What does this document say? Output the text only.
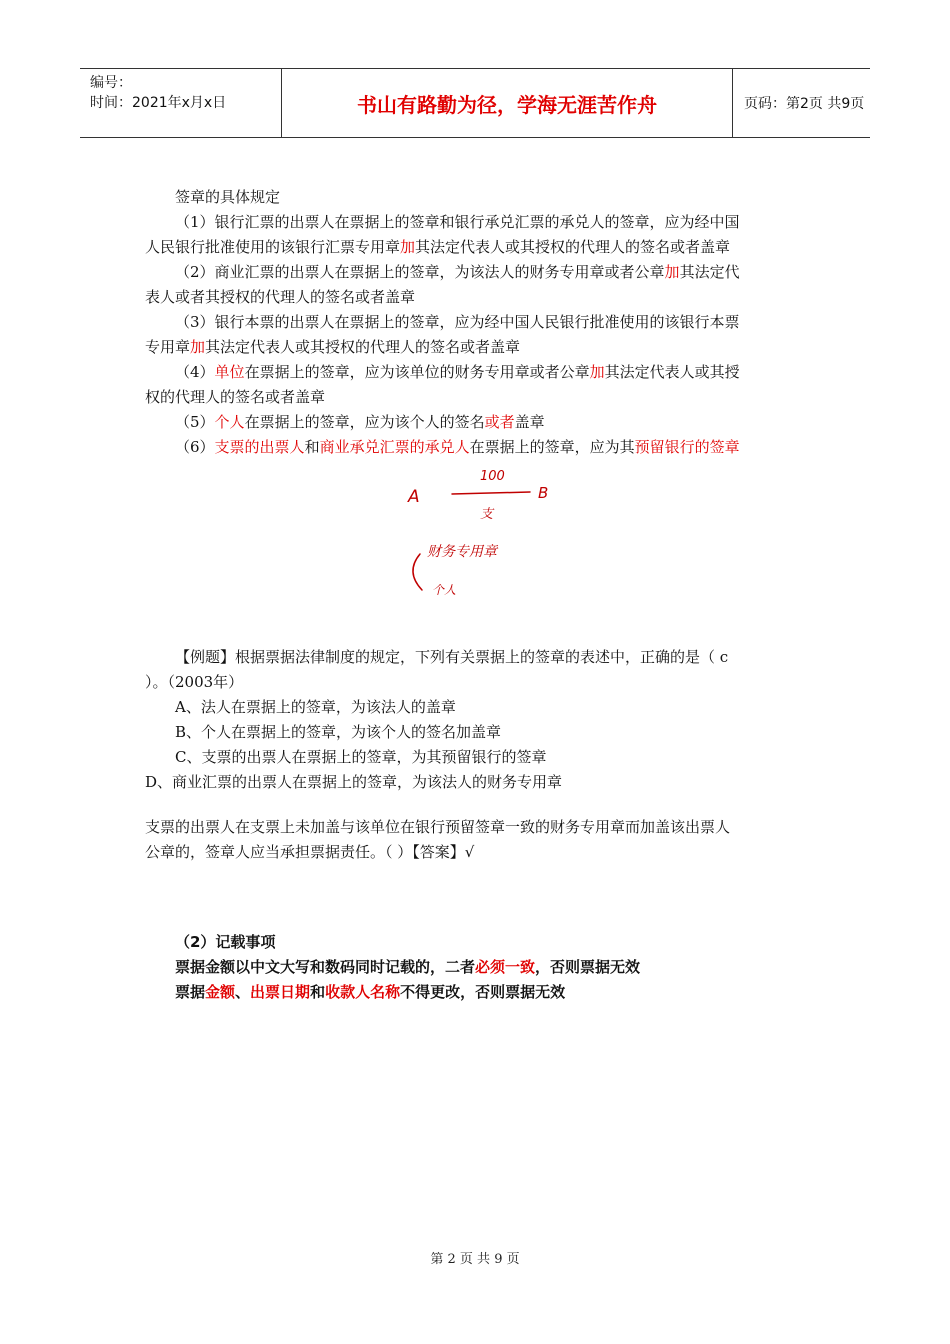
编号：
时间：2021年x月x日	书山有路勤为径，学海无涯苦作舟	页码：第2页 共9页

签章的具体规定

（1）银行汇票的出票人在票据上的签章和银行承兑汇票的承兑人的签章，应为经中国

人民银行批准使用的该银行汇票专用章加其法定代表人或其授权的代理人的签名或者盖章

（2）商业汇票的出票人在票据上的签章，为该法人的财务专用章或者公章加其法定代

表人或者其授权的代理人的签名或者盖章

（3）银行本票的出票人在票据上的签章，应为经中国人民银行批准使用的该银行本票

专用章加其法定代表人或其授权的代理人的签名或者盖章

（4）单位在票据上的签章，应为该单位的财务专用章或者公章加其法定代表人或其授

权的代理人的签名或者盖章

（5）个人在票据上的签章，应为该个人的签名或者盖章

（6）支票的出票人和商业承兑汇票的承兑人在票据上的签章，应为其预留银行的签章

【例题】根据票据法律制度的规定，下列有关票据上的签章的表述中，正确的是（ c

）。（2003年）

A、法人在票据上的签章，为该法人的盖章

B、个人在票据上的签章，为该个人的签名加盖章

C、支票的出票人在票据上的签章，为其预留银行的签章

D、商业汇票的出票人在票据上的签章，为该法人的财务专用章

支票的出票人在支票上未加盖与该单位在银行预留签章一致的财务专用章而加盖该出票人

公章的，签章人应当承担票据责任。（ ）【答案】√

（2）记载事项

票据金额以中文大写和数码同时记载的，二者必须一致，否则票据无效

票据金额、出票日期和收款人名称不得更改，否则票据无效

A
100
支
B
财务专用章
个人
第 2 页 共 9 页
